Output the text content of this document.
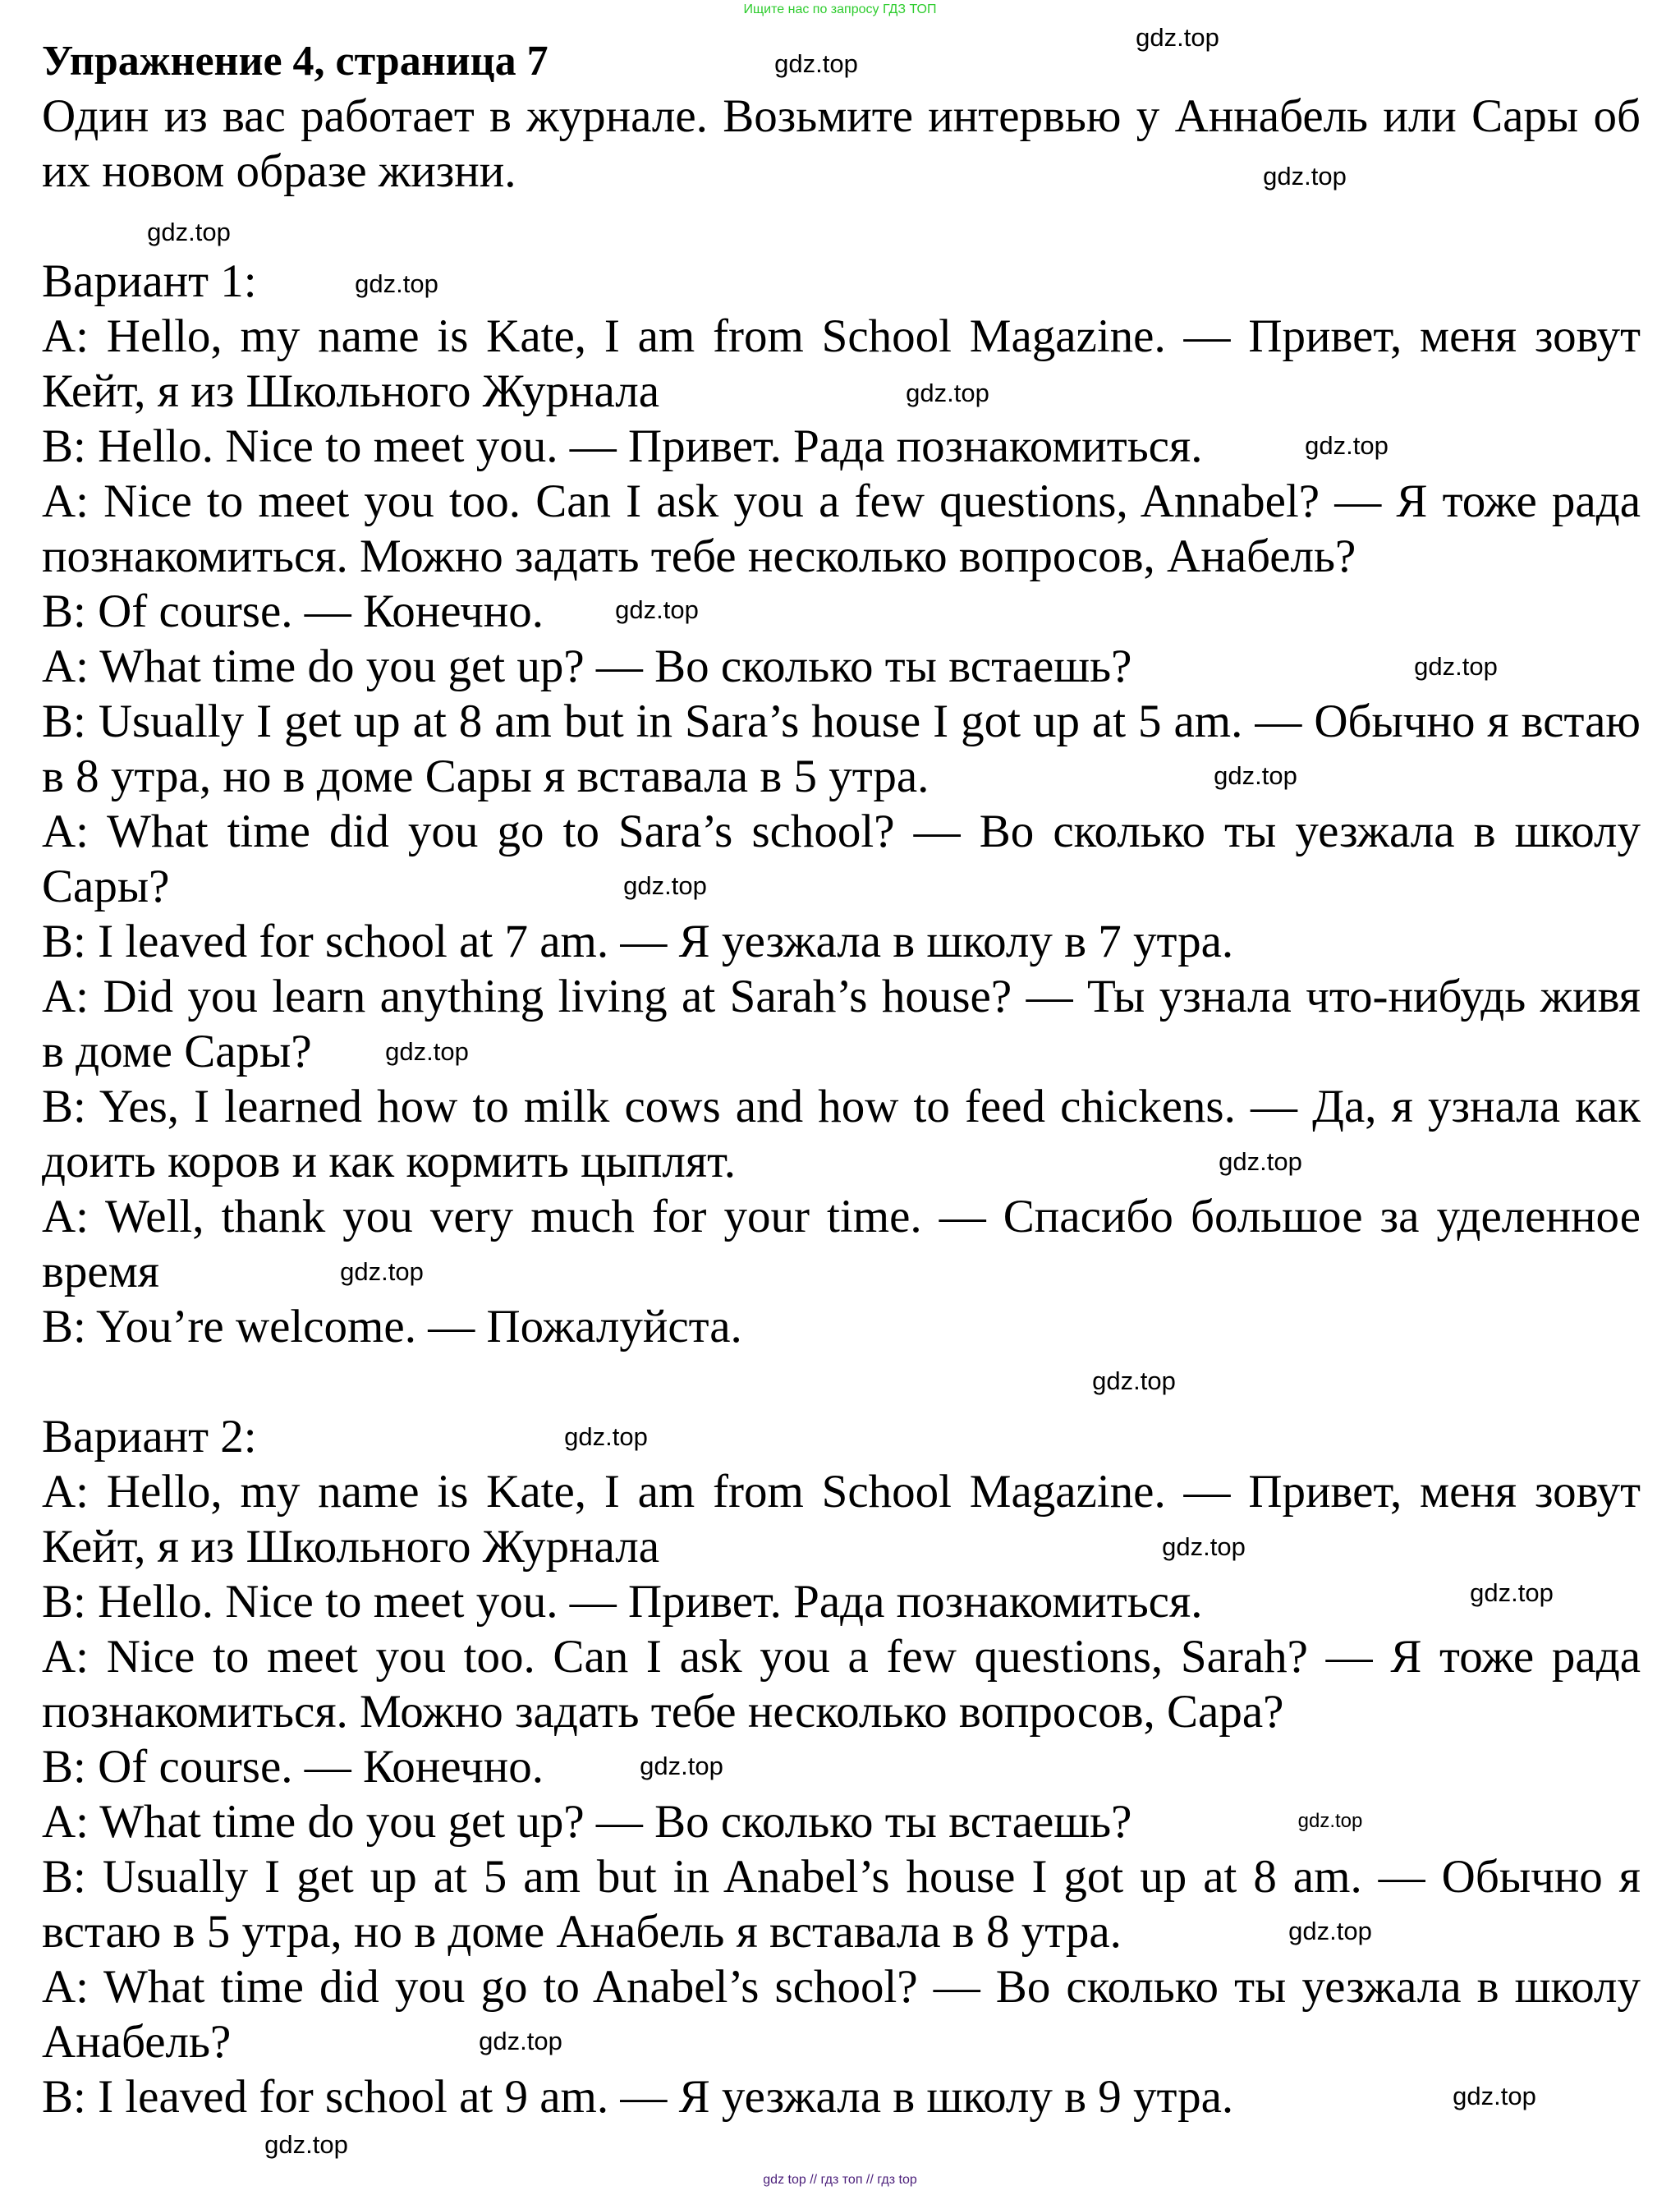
Ищите нас по запросу ГДЗ ТОП
Упражнение 4, страница 7
Один из вас работает в журнале. Возьмите интервью у Аннабель или Сары об
их новом образе жизни.
Вариант 1:
A: Hello, my name is Kate, I am from School Magazine. — Привет, меня зовут
Кейт, я из Школьного Журнала
B: Hello. Nice to meet you. — Привет. Рада познакомиться.
A: Nice to meet you too. Can I ask you a few questions, Annabel? — Я тоже рада
познакомиться. Можно задать тебе несколько вопросов, Анабель?
B: Of course. — Конечно.
A: What time do you get up? — Во сколько ты встаешь?
B: Usually I get up at 8 am but in Sara’s house I got up at 5 am. — Обычно я встаю
в 8 утра, но в доме Сары я вставала в 5 утра.
A: What time did you go to Sara’s school? — Во сколько ты уезжала в школу
Сары?
B: I leaved for school at 7 am. — Я уезжала в школу в 7 утра.
A: Did you learn anything living at Sarah’s house? — Ты узнала что-нибудь живя
в доме Сары?
B: Yes, I learned how to milk cows and how to feed chickens. — Да, я узнала как
доить коров и как кормить цыплят.
A: Well, thank you very much for your time. — Спасибо большое за уделенное
время
B: You’re welcome. — Пожалуйста.
Вариант 2:
A: Hello, my name is Kate, I am from School Magazine. — Привет, меня зовут
Кейт, я из Школьного Журнала
B: Hello. Nice to meet you. — Привет. Рада познакомиться.
A: Nice to meet you too. Can I ask you a few questions, Sarah? — Я тоже рада
познакомиться. Можно задать тебе несколько вопросов, Сара?
B: Of course. — Конечно.
A: What time do you get up? — Во сколько ты встаешь?
B: Usually I get up at 5 am but in Anabel’s house I got up at 8 am. — Обычно я
встаю в 5 утра, но в доме Анабель я вставала в 8 утра.
A: What time did you go to Anabel’s school? — Во сколько ты уезжала в школу
Анабель?
B: I leaved for school at 9 am. — Я уезжала в школу в 9 утра.
gdz.top
gdz.top
gdz.top
gdz.top
gdz.top
gdz.top
gdz.top
gdz.top
gdz.top
gdz.top
gdz.top
gdz.top
gdz.top
gdz.top
gdz.top
gdz.top
gdz.top
gdz.top
gdz.top
gdz.top
gdz.top
gdz.top
gdz.top
gdz.top
gdz top // гдз топ // гдз top
